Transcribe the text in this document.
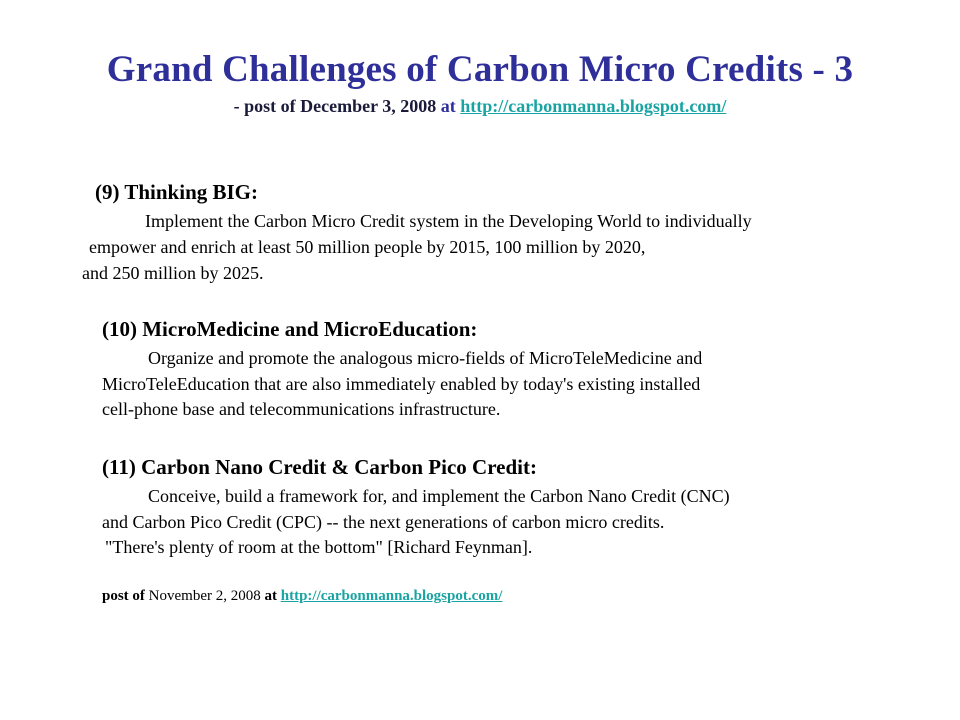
Grand Challenges of Carbon Micro Credits - 3
- post of December 3, 2008 at http://carbonmanna.blogspot.com/
(9) Thinking BIG:
Implement the Carbon Micro Credit system in the Developing World to individually
empower and enrich at least 50 million people by 2015, 100 million by 2020,
and 250 million by 2025.
(10) MicroMedicine and MicroEducation:
Organize and promote the analogous micro-fields of MicroTeleMedicine and
MicroTeleEducation that are also immediately enabled by today's existing installed
cell-phone base and telecommunications infrastructure.
(11) Carbon Nano Credit & Carbon Pico Credit:
Conceive, build a framework for, and implement the Carbon Nano Credit (CNC)
and Carbon Pico Credit (CPC) -- the next generations of carbon micro credits.
"There's plenty of room at the bottom" [Richard Feynman].
post of November 2, 2008 at http://carbonmanna.blogspot.com/
